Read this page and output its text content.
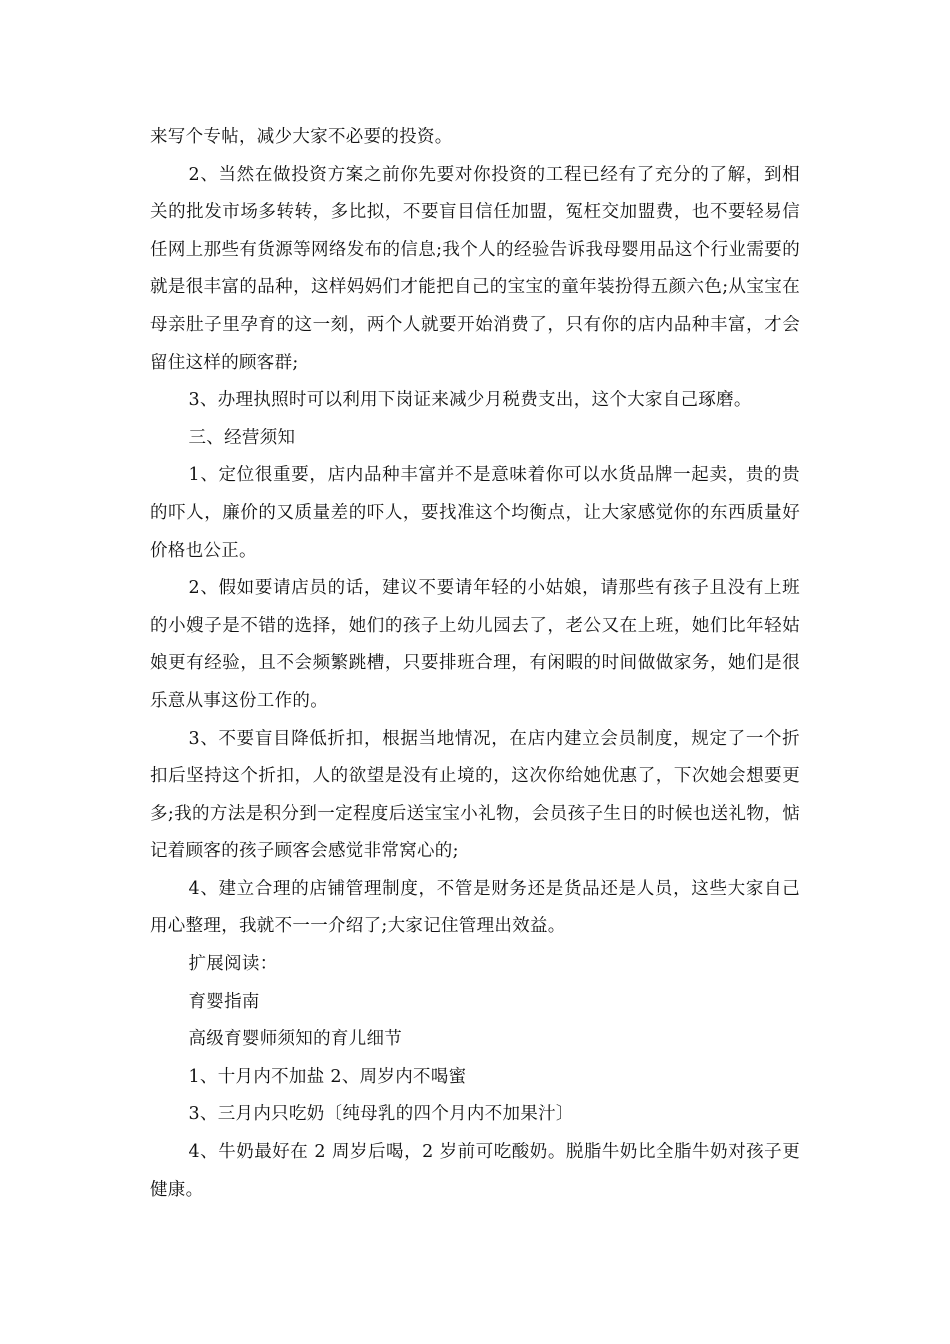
来写个专帖，减少大家不必要的投资。

2、当然在做投资方案之前你先要对你投资的工程已经有了充分的了解，到相关的批发市场多转转，多比拟，不要盲目信任加盟，冤枉交加盟费，也不要轻易信任网上那些有货源等网络发布的信息;我个人的经验告诉我母婴用品这个行业需要的就是很丰富的品种，这样妈妈们才能把自己的宝宝的童年装扮得五颜六色;从宝宝在母亲肚子里孕育的这一刻，两个人就要开始消费了，只有你的店内品种丰富，才会留住这样的顾客群;

3、办理执照时可以利用下岗证来减少月税费支出，这个大家自己琢磨。

三、经营须知

1、定位很重要，店内品种丰富并不是意味着你可以水货品牌一起卖，贵的贵的吓人，廉价的又质量差的吓人，要找准这个均衡点，让大家感觉你的东西质量好价格也公正。

2、假如要请店员的话，建议不要请年轻的小姑娘，请那些有孩子且没有上班的小嫂子是不错的选择，她们的孩子上幼儿园去了，老公又在上班，她们比年轻姑娘更有经验，且不会频繁跳槽，只要排班合理，有闲暇的时间做做家务，她们是很乐意从事这份工作的。

3、不要盲目降低折扣，根据当地情况，在店内建立会员制度，规定了一个折扣后坚持这个折扣，人的欲望是没有止境的，这次你给她优惠了，下次她会想要更多;我的方法是积分到一定程度后送宝宝小礼物，会员孩子生日的时候也送礼物，惦记着顾客的孩子顾客会感觉非常窝心的;

4、建立合理的店铺管理制度，不管是财务还是货品还是人员，这些大家自己用心整理，我就不一一介绍了;大家记住管理出效益。

扩展阅读：

育婴指南

高级育婴师须知的育儿细节

1、十月内不加盐 2、周岁内不喝蜜

3、三月内只吃奶〔纯母乳的四个月内不加果汁〕

4、牛奶最好在 2 周岁后喝，2 岁前可吃酸奶。脱脂牛奶比全脂牛奶对孩子更健康。
